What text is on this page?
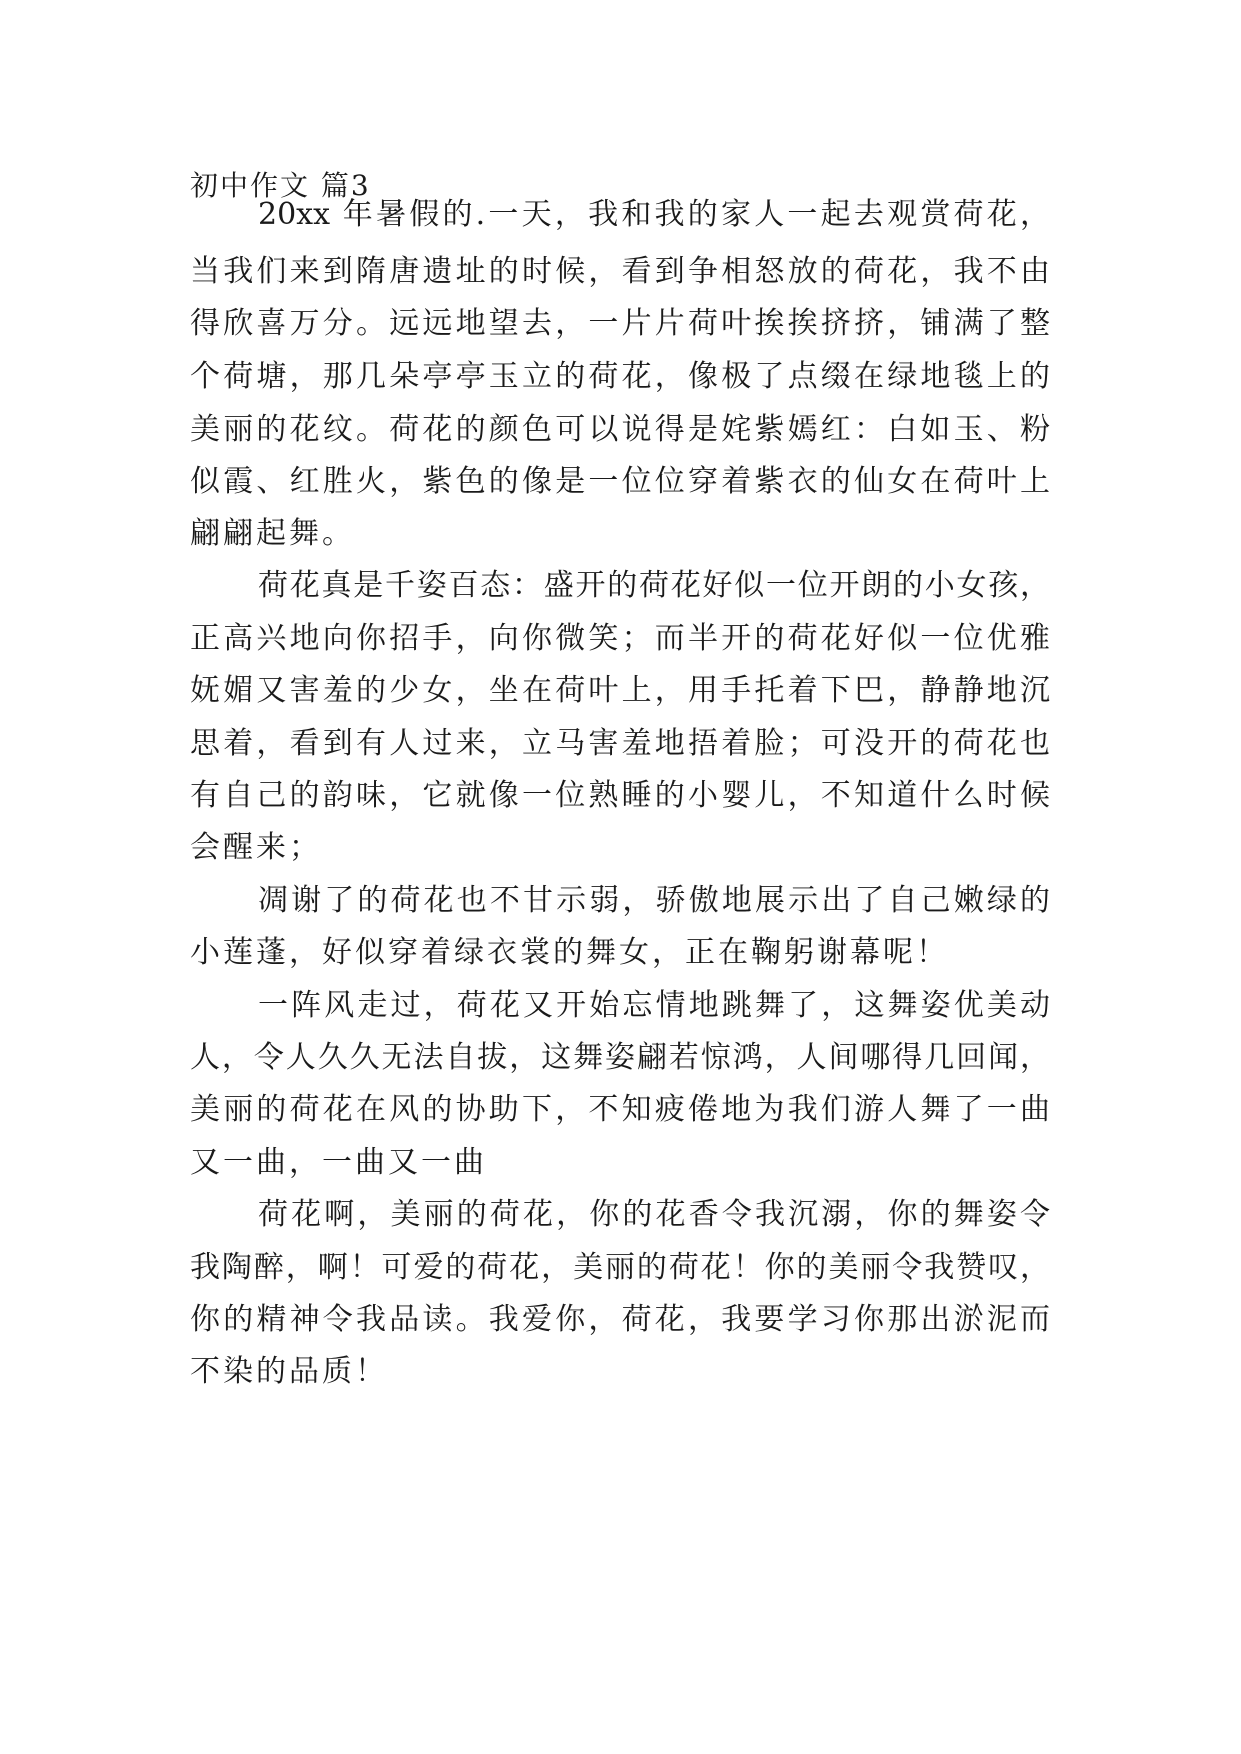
初中作文 篇3
20xx 年暑假的.一天，我和我的家人一起去观赏荷花，
当我们来到隋唐遗址的时候，看到争相怒放的荷花，我不由
得欣喜万分。远远地望去，一片片荷叶挨挨挤挤，铺满了整
个荷塘，那几朵亭亭玉立的荷花，像极了点缀在绿地毯上的
美丽的花纹。荷花的颜色可以说得是姹紫嫣红：白如玉、粉
似霞、红胜火，紫色的像是一位位穿着紫衣的仙女在荷叶上
翩翩起舞。
荷花真是千姿百态：盛开的荷花好似一位开朗的小女孩，
正高兴地向你招手，向你微笑；而半开的荷花好似一位优雅
妩媚又害羞的少女，坐在荷叶上，用手托着下巴，静静地沉
思着，看到有人过来，立马害羞地捂着脸；可没开的荷花也
有自己的韵味，它就像一位熟睡的小婴儿，不知道什么时候
会醒来；
凋谢了的荷花也不甘示弱，骄傲地展示出了自己嫩绿的
小莲蓬，好似穿着绿衣裳的舞女，正在鞠躬谢幕呢！
一阵风走过，荷花又开始忘情地跳舞了，这舞姿优美动
人，令人久久无法自拔，这舞姿翩若惊鸿，人间哪得几回闻，
美丽的荷花在风的协助下，不知疲倦地为我们游人舞了一曲
又一曲，一曲又一曲
荷花啊，美丽的荷花，你的花香令我沉溺，你的舞姿令
我陶醉，啊！可爱的荷花，美丽的荷花！你的美丽令我赞叹，
你的精神令我品读。我爱你，荷花，我要学习你那出淤泥而
不染的品质！
